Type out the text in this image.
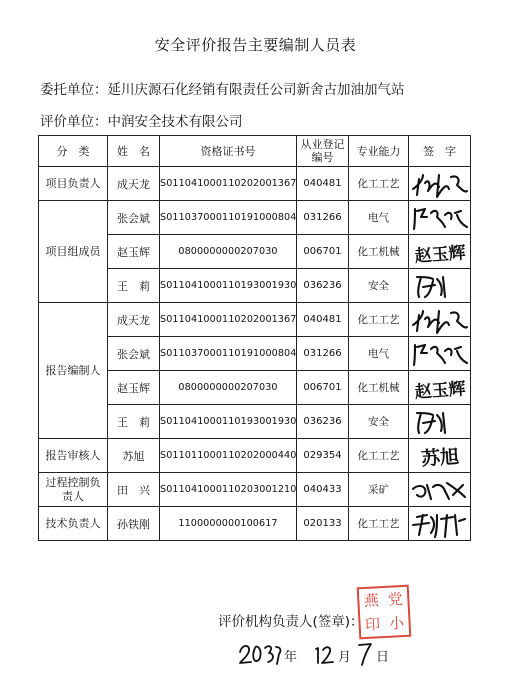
安全评价报告主要编制人员表
委托单位：延川庆源石化经销有限责任公司新舍古加油加气站
评价单位：中润安全技术有限公司
分　类	姓　名	资格证书号	从业登记编号	专业能力	签　字
项目负责人	成天龙	S011041000110202001367	040481	化工工艺	

项目组成员	张会斌	S011037000110191000804	031266	电气	

	赵玉辉	0800000000207030	006701	化工机械	赵玉辉

	王　莉	S011041000110193001930	036236	安全	

报告编制人	成天龙	S011041000110202001367	040481	化工工艺	

	张会斌	S011037000110191000804	031266	电气	

	赵玉辉	0800000000207030	006701	化工机械	赵玉辉

	王　莉	S011041000110193001930	036236	安全	

报告审核人	苏旭	S011011000110202000440	029354	化工工艺	苏旭

过程控制负责人	田　兴	S011041000110203001210	040433	采矿	

技术负责人	孙铁刚	1100000000100617	020133	化工工艺	
评价机构负责人(签章)：
燕 党
印 小
年	月 日
